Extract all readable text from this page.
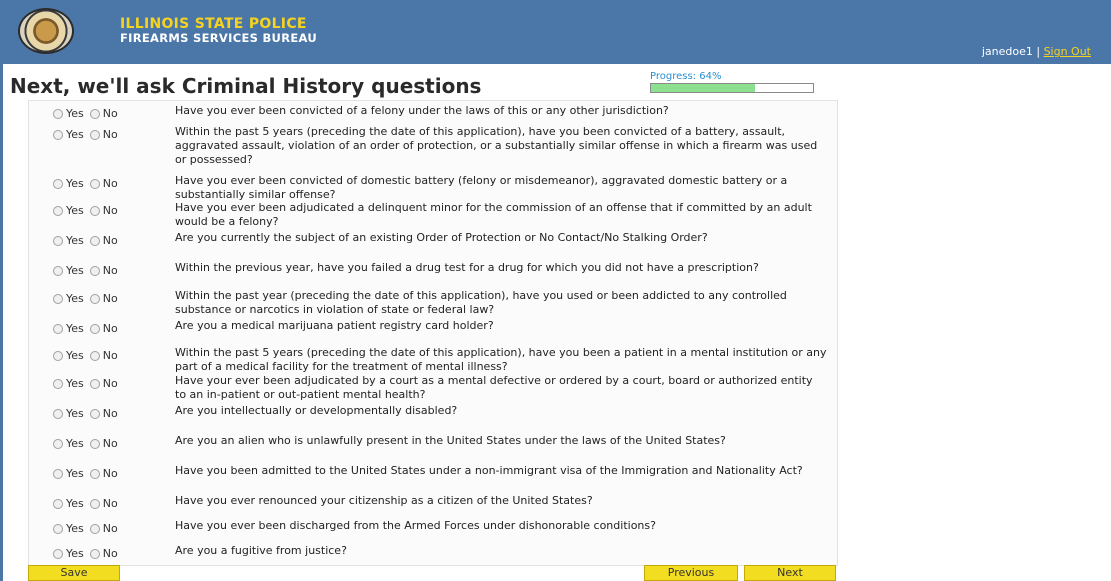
ILLINOIS STATE POLICE
FIREARMS SERVICES BUREAU
janedoe1 | Sign Out
Next, we'll ask Criminal History questions	Progress: 64%
Yes No	Have you ever been convicted of a felony under the laws of this or any other jurisdiction?
Yes No	Within the past 5 years (preceding the date of this application), have you been convicted of a battery, assault, aggravated assault, violation of an order of protection, or a substantially similar offense in which a firearm was used or possessed?
Yes No	Have you ever been convicted of domestic battery (felony or misdemeanor), aggravated domestic battery or a substantially similar offense?
Yes No	Have you ever been adjudicated a delinquent minor for the commission of an offense that if committed by an adult would be a felony?
Yes No	Are you currently the subject of an existing Order of Protection or No Contact/No Stalking Order?
Yes No	Within the previous year, have you failed a drug test for a drug for which you did not have a prescription?
Yes No	Within the past year (preceding the date of this application), have you used or been addicted to any controlled substance or narcotics in violation of state or federal law?
Yes No	Are you a medical marijuana patient registry card holder?
Yes No	Within the past 5 years (preceding the date of this application), have you been a patient in a mental institution or any part of a medical facility for the treatment of mental illness?
Yes No	Have your ever been adjudicated by a court as a mental defective or ordered by a court, board or authorized entity to an in-patient or out-patient mental health?
Yes No	Are you intellectually or developmentally disabled?
Yes No	Are you an alien who is unlawfully present in the United States under the laws of the United States?
Yes No	Have you been admitted to the United States under a non-immigrant visa of the Immigration and Nationality Act?
Yes No	Have you ever renounced your citizenship as a citizen of the United States?
Yes No	Have you ever been discharged from the Armed Forces under dishonorable conditions?
Yes No	Are you a fugitive from justice?
Save	Previous	Next
